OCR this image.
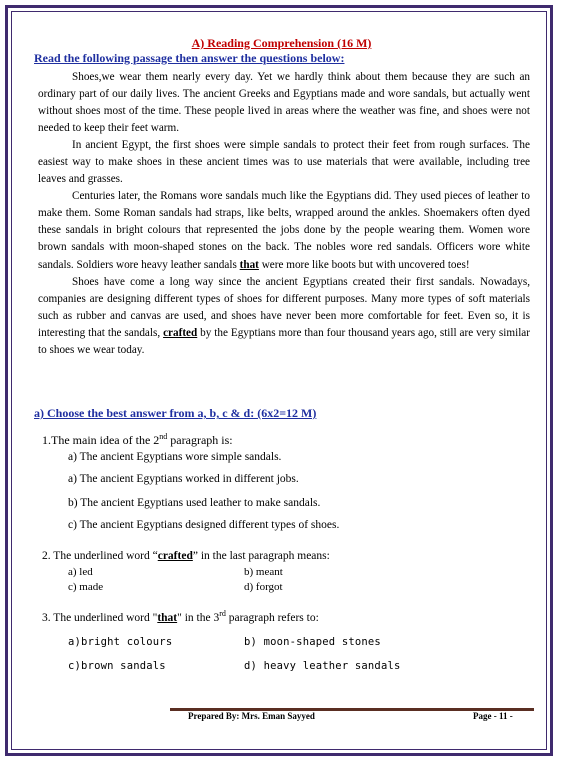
A) Reading Comprehension (16 M)
Read the following passage then answer the questions below:

Shoes,we wear them nearly every day. Yet we hardly think about them because they are such an ordinary part of our daily lives. The ancient Greeks and Egyptians made and wore sandals, but actually went without shoes most of the time. These people lived in areas where the weather was fine, and shoes were not needed to keep their feet warm.

In ancient Egypt, the first shoes were simple sandals to protect their feet from rough surfaces. The easiest way to make shoes in these ancient times was to use materials that were available, including tree leaves and grasses.

Centuries later, the Romans wore sandals much like the Egyptians did. They used pieces of leather to make them. Some Roman sandals had straps, like belts, wrapped around the ankles. Shoemakers often dyed these sandals in bright colours that represented the jobs done by the people wearing them. Women wore brown sandals with moon-shaped stones on the back. The nobles wore red sandals. Officers wore white sandals. Soldiers wore heavy leather sandals that were more like boots but with uncovered toes!

Shoes have come a long way since the ancient Egyptians created their first sandals. Nowadays, companies are designing different types of shoes for different purposes. Many more types of soft materials such as rubber and canvas are used, and shoes have never been more comfortable for feet. Even so, it is interesting that the sandals, crafted by the Egyptians more than four thousand years ago, still are very similar to shoes we wear today.

a) Choose the best answer from a, b, c & d: (6x2=12 M)
1.The main idea of the 2nd paragraph is:
a) The ancient Egyptians wore simple sandals.
a) The ancient Egyptians worked in different jobs.
b) The ancient Egyptians used leather to make sandals.
c) The ancient Egyptians designed different types of shoes.
2. The underlined word “crafted” in the last paragraph means:
a) led	b) meant
c) made	d) forgot
3. The underlined word "that" in the 3rd paragraph refers to:
a)bright colours	b) moon-shaped stones
c)brown sandals	d) heavy leather sandals
Prepared By: Mrs. Eman Sayyed	Page - 11 -
